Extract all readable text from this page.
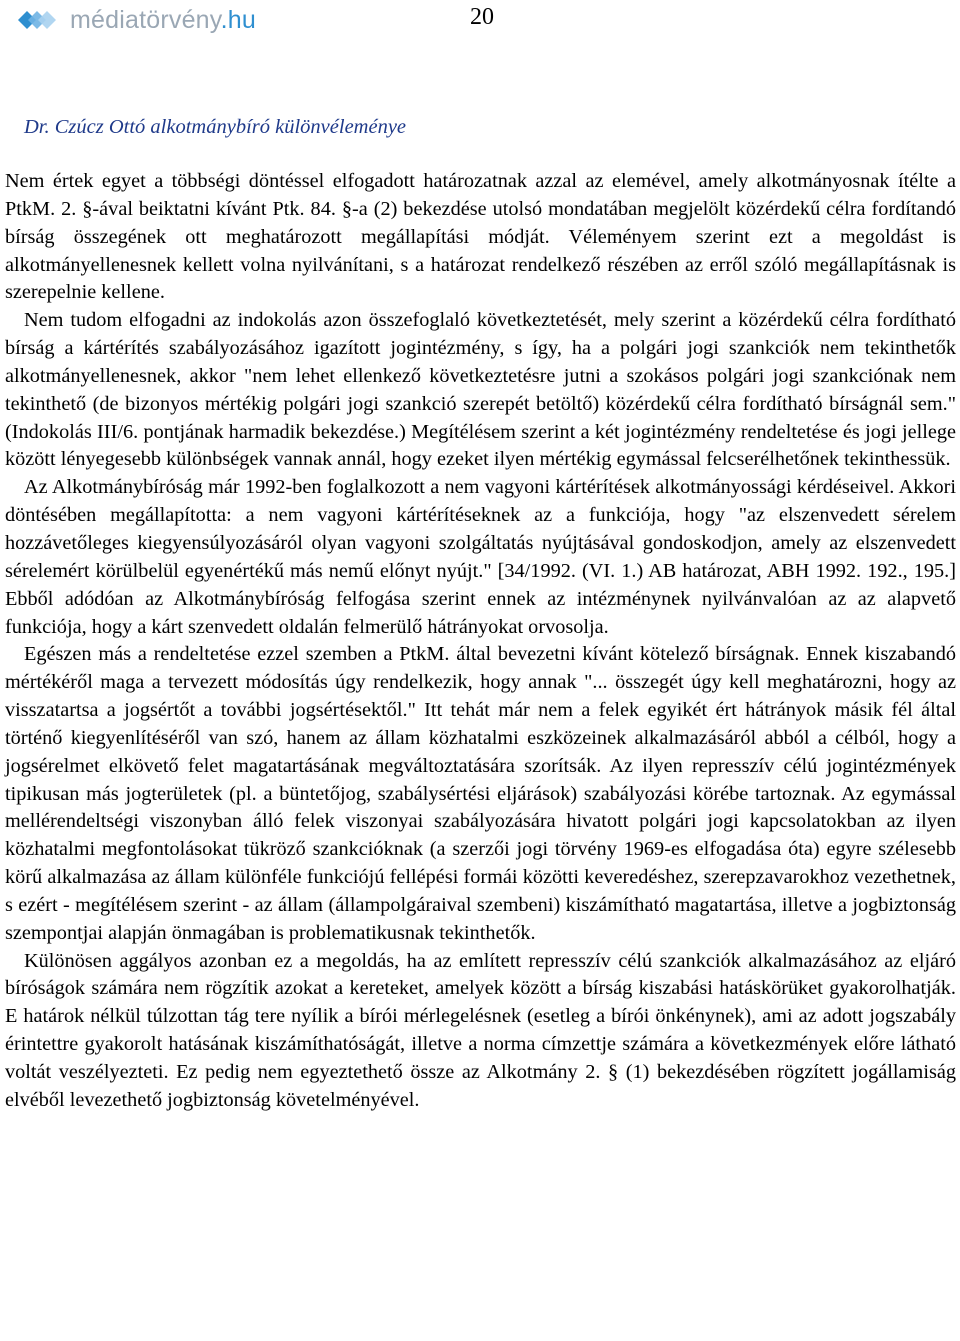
médiatörvény.hu	20
Dr. Czúcz Ottó alkotmánybíró különvéleménye

Nem értek egyet a többségi döntéssel elfogadott határozatnak azzal az elemével, amely alkotmányosnak ítélte a PtkM. 2. §-ával beiktatni kívánt Ptk. 84. §-a (2) bekezdése utolsó mondatában megjelölt közérdekű célra fordítandó bírság összegének ott meghatározott megállapítási módját. Véleményem szerint ezt a megoldást is alkotmányellenesnek kellett volna nyilvánítani, s a határozat rendelkező részében az erről szóló megállapításnak is szerepelnie kellene.

Nem tudom elfogadni az indokolás azon összefoglaló következtetését, mely szerint a közérdekű célra fordítható bírság a kártérítés szabályozásához igazított jogintézmény, s így, ha a polgári jogi szankciók nem tekinthetők alkotmányellenesnek, akkor "nem lehet ellenkező következtetésre jutni a szokásos polgári jogi szankciónak nem tekinthető (de bizonyos mértékig polgári jogi szankció szerepét betöltő) közérdekű célra fordítható bírságnál sem." (Indokolás III/6. pontjának harmadik bekezdése.) Megítélésem szerint a két jogintézmény rendeltetése és jogi jellege között lényegesebb különbségek vannak annál, hogy ezeket ilyen mértékig egymással felcserélhetőnek tekinthessük.

Az Alkotmánybíróság már 1992-ben foglalkozott a nem vagyoni kártérítések alkotmányossági kérdéseivel. Akkori döntésében megállapította: a nem vagyoni kártérítéseknek az a funkciója, hogy "az elszenvedett sérelem hozzávetőleges kiegyensúlyozásáról olyan vagyoni szolgáltatás nyújtásával gondoskodjon, amely az elszenvedett sérelemért körülbelül egyenértékű más nemű előnyt nyújt." [34/1992. (VI. 1.) AB határozat, ABH 1992. 192., 195.] Ebből adódóan az Alkotmánybíróság felfogása szerint ennek az intézménynek nyilvánvalóan az az alapvető funkciója, hogy a kárt szenvedett oldalán felmerülő hátrányokat orvosolja.

Egészen más a rendeltetése ezzel szemben a PtkM. által bevezetni kívánt kötelező bírságnak. Ennek kiszabandó mértékéről maga a tervezett módosítás úgy rendelkezik, hogy annak "... összegét úgy kell meghatározni, hogy az visszatartsa a jogsértőt a további jogsértésektől." Itt tehát már nem a felek egyikét ért hátrányok másik fél által történő kiegyenlítéséről van szó, hanem az állam közhatalmi eszközeinek alkalmazásáról abból a célból, hogy a jogsérelmet elkövető felet magatartásának megváltoztatására szorítsák. Az ilyen represszív célú jogintézmények tipikusan más jogterületek (pl. a büntetőjog, szabálysértési eljárások) szabályozási körébe tartoznak. Az egymással mellérendeltségi viszonyban álló felek viszonyai szabályozására hivatott polgári jogi kapcsolatokban az ilyen közhatalmi megfontolásokat tükröző szankcióknak (a szerzői jogi törvény 1969-es elfogadása óta) egyre szélesebb körű alkalmazása az állam különféle funkciójú fellépési formái közötti keveredéshez, szerepzavarokhoz vezethetnek, s ezért - megítélésem szerint - az állam (állampolgáraival szembeni) kiszámítható magatartása, illetve a jogbiztonság szempontjai alapján önmagában is problematikusnak tekinthetők.

Különösen aggályos azonban ez a megoldás, ha az említett represszív célú szankciók alkalmazásához az eljáró bíróságok számára nem rögzítik azokat a kereteket, amelyek között a bírság kiszabási hatáskörüket gyakorolhatják. E határok nélkül túlzottan tág tere nyílik a bírói mérlegelésnek (esetleg a bírói önkénynek), ami az adott jogszabály érintettre gyakorolt hatásának kiszámíthatóságát, illetve a norma címzettje számára a következmények előre látható voltát veszélyezteti. Ez pedig nem egyeztethető össze az Alkotmány 2. § (1) bekezdésében rögzített jogállamiság elvéből levezethető jogbiztonság követelményével.
